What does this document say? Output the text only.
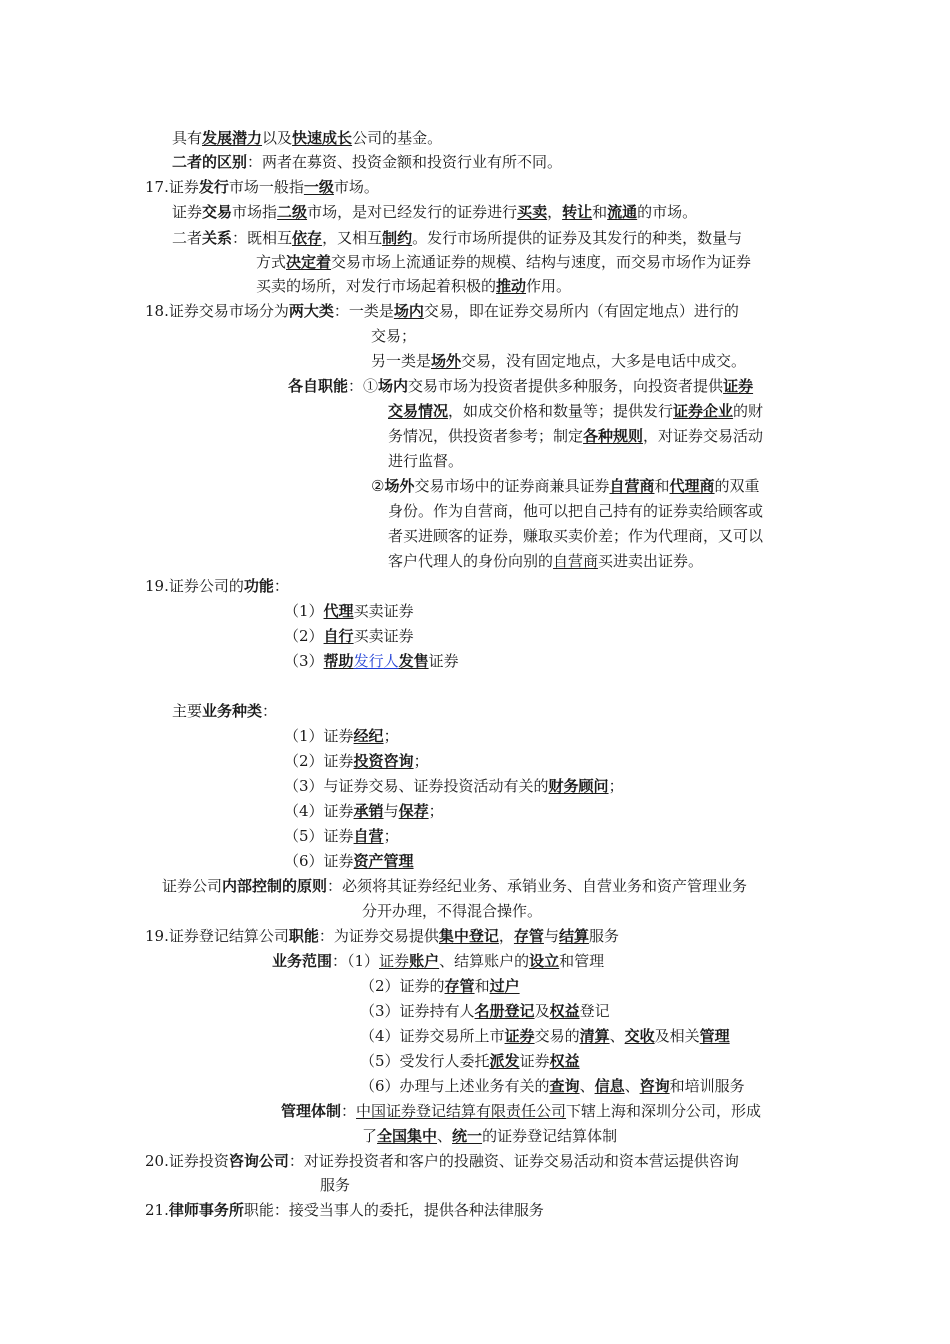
具有发展潜力以及快速成长公司的基金。
二者的区别：两者在募资、投资金额和投资行业有所不同。
17.证券发行市场一般指一级市场。
证券交易市场指二级市场，是对已经发行的证券进行买卖，转让和流通的市场。
二者关系：既相互依存，又相互制约。发行市场所提供的证券及其发行的种类，数量与
方式决定着交易市场上流通证券的规模、结构与速度，而交易市场作为证券
买卖的场所，对发行市场起着积极的推动作用。
18.证券交易市场分为两大类：一类是场内交易，即在证券交易所内（有固定地点）进行的
交易；
另一类是场外交易，没有固定地点，大多是电话中成交。
各自职能：①场内交易市场为投资者提供多种服务，向投资者提供证券
交易情况，如成交价格和数量等；提供发行证券企业的财
务情况，供投资者参考；制定各种规则，对证券交易活动
进行监督。
②场外交易市场中的证券商兼具证券自营商和代理商的双重
身份。作为自营商，他可以把自己持有的证券卖给顾客或
者买进顾客的证券，赚取买卖价差；作为代理商，又可以
客户代理人的身份向别的自营商买进卖出证券。
19.证券公司的功能：
（1）代理买卖证券
（2）自行买卖证券
（3）帮助发行人发售证券
主要业务种类：
（1）证券经纪；
（2）证券投资咨询；
（3）与证券交易、证券投资活动有关的财务顾问；
（4）证券承销与保荐；
（5）证券自营；
（6）证券资产管理
证券公司内部控制的原则：必须将其证券经纪业务、承销业务、自营业务和资产管理业务
分开办理，不得混合操作。
19.证券登记结算公司职能：为证券交易提供集中登记，存管与结算服务
业务范围：（1）证券账户、结算账户的设立和管理
（2）证券的存管和过户
（3）证券持有人名册登记及权益登记
（4）证券交易所上市证券交易的清算、交收及相关管理
（5）受发行人委托派发证券权益
（6）办理与上述业务有关的查询、信息、咨询和培训服务
管理体制：中国证券登记结算有限责任公司下辖上海和深圳分公司，形成
了全国集中、统一的证券登记结算体制
20.证券投资咨询公司：对证券投资者和客户的投融资、证券交易活动和资本营运提供咨询
服务
21.律师事务所职能：接受当事人的委托，提供各种法律服务
